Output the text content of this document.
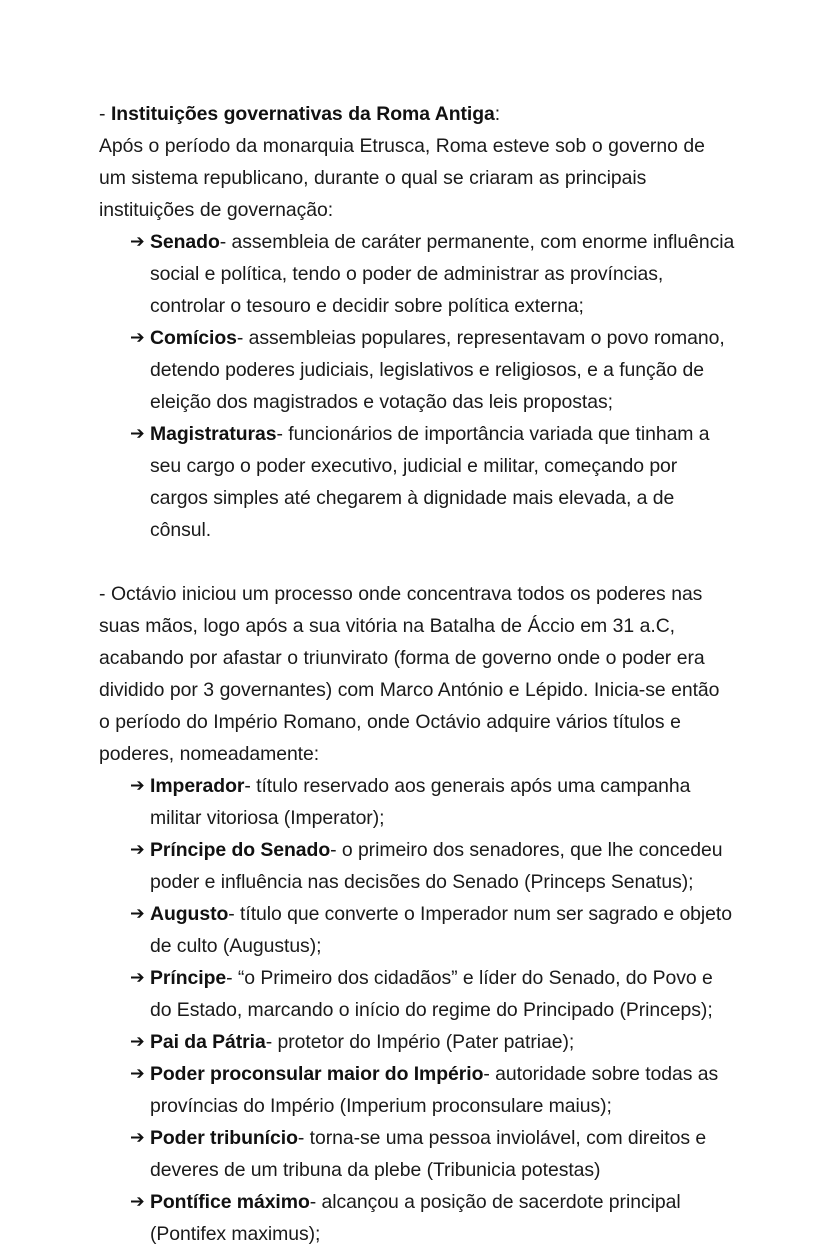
- Instituições governativas da Roma Antiga:

Após o período da monarquia Etrusca, Roma esteve sob o governo de um sistema republicano, durante o qual se criaram as principais instituições de governação:

➔ Senado- assembleia de caráter permanente, com enorme influência social e política, tendo o poder de administrar as províncias, controlar o tesouro e decidir sobre política externa;
➔ Comícios- assembleias populares, representavam o povo romano, detendo poderes judiciais, legislativos e religiosos, e a função de eleição dos magistrados e votação das leis propostas;
➔ Magistraturas- funcionários de importância variada que tinham a seu cargo o poder executivo, judicial e militar, começando por cargos simples até chegarem à dignidade mais elevada, a de cônsul.

- Octávio iniciou um processo onde concentrava todos os poderes nas suas mãos, logo após a sua vitória na Batalha de Áccio em 31 a.C, acabando por afastar o triunvirato (forma de governo onde o poder era dividido por 3 governantes) com Marco António e Lépido. Inicia-se então o período do Império Romano, onde Octávio adquire vários títulos e poderes, nomeadamente:

➔ Imperador- título reservado aos generais após uma campanha militar vitoriosa (Imperator);
➔ Príncipe do Senado- o primeiro dos senadores, que lhe concedeu poder e influência nas decisões do Senado (Princeps Senatus);
➔ Augusto- título que converte o Imperador num ser sagrado e objeto de culto (Augustus);
➔ Príncipe- “o Primeiro dos cidadãos” e líder do Senado, do Povo e do Estado, marcando o início do regime do Principado (Princeps);
➔ Pai da Pátria- protetor do Império (Pater patriae);
➔ Poder proconsular maior do Império- autoridade sobre todas as províncias do Império (Imperium proconsulare maius);
➔ Poder tribunício- torna-se uma pessoa inviolável, com direitos e deveres de um tribuna da plebe (Tribunicia potestas)
➔ Pontífice máximo- alcançou a posição de sacerdote principal (Pontifex maximus);
